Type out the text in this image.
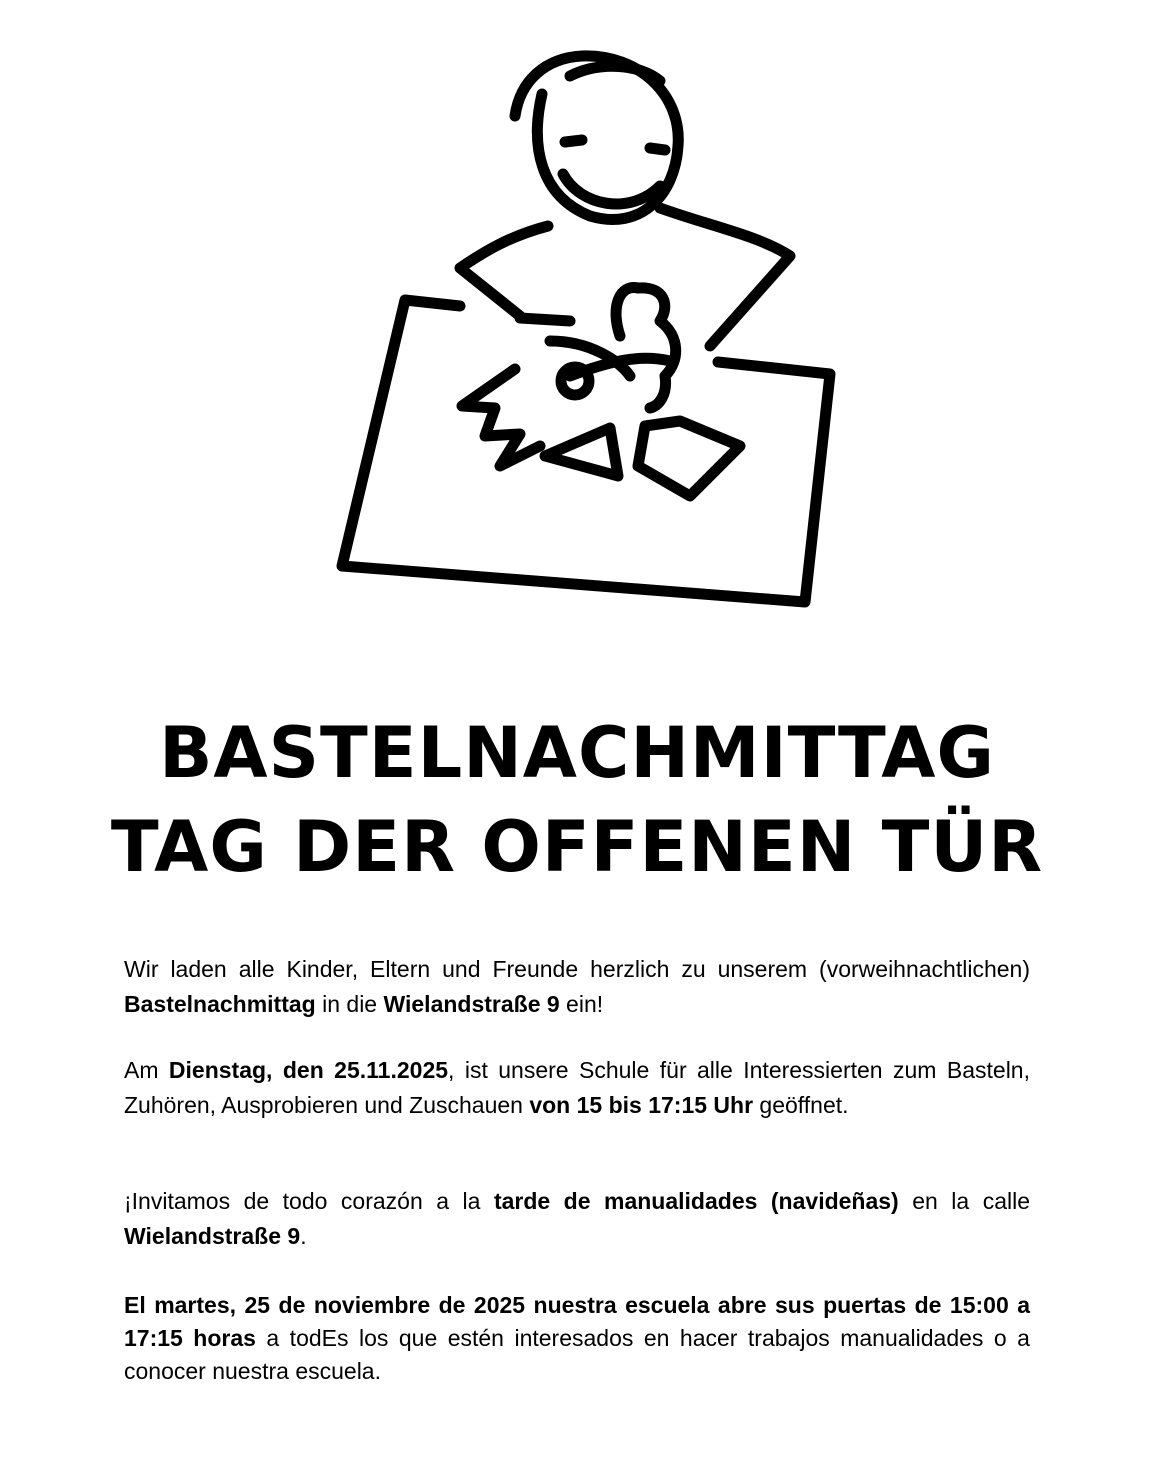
BASTELNACHMITTAG
TAG DER OFFENEN TÜR

Wir laden alle Kinder, Eltern und Freunde herzlich zu unserem (vorweihnachtlichen) Bastelnachmittag in die Wielandstraße 9 ein!

Am Dienstag, den 25.11.2025, ist unsere Schule für alle Interessierten zum Basteln, Zuhören, Ausprobieren und Zuschauen von 15 bis 17:15 Uhr geöffnet.

¡Invitamos de todo corazón a la tarde de manualidades (navideñas) en la calle Wielandstraße 9.

El martes, 25 de noviembre de 2025 nuestra escuela abre sus puertas de 15:00 a 17:15 horas a todEs los que estén interesados en hacer trabajos manualidades o a conocer nuestra escuela.
